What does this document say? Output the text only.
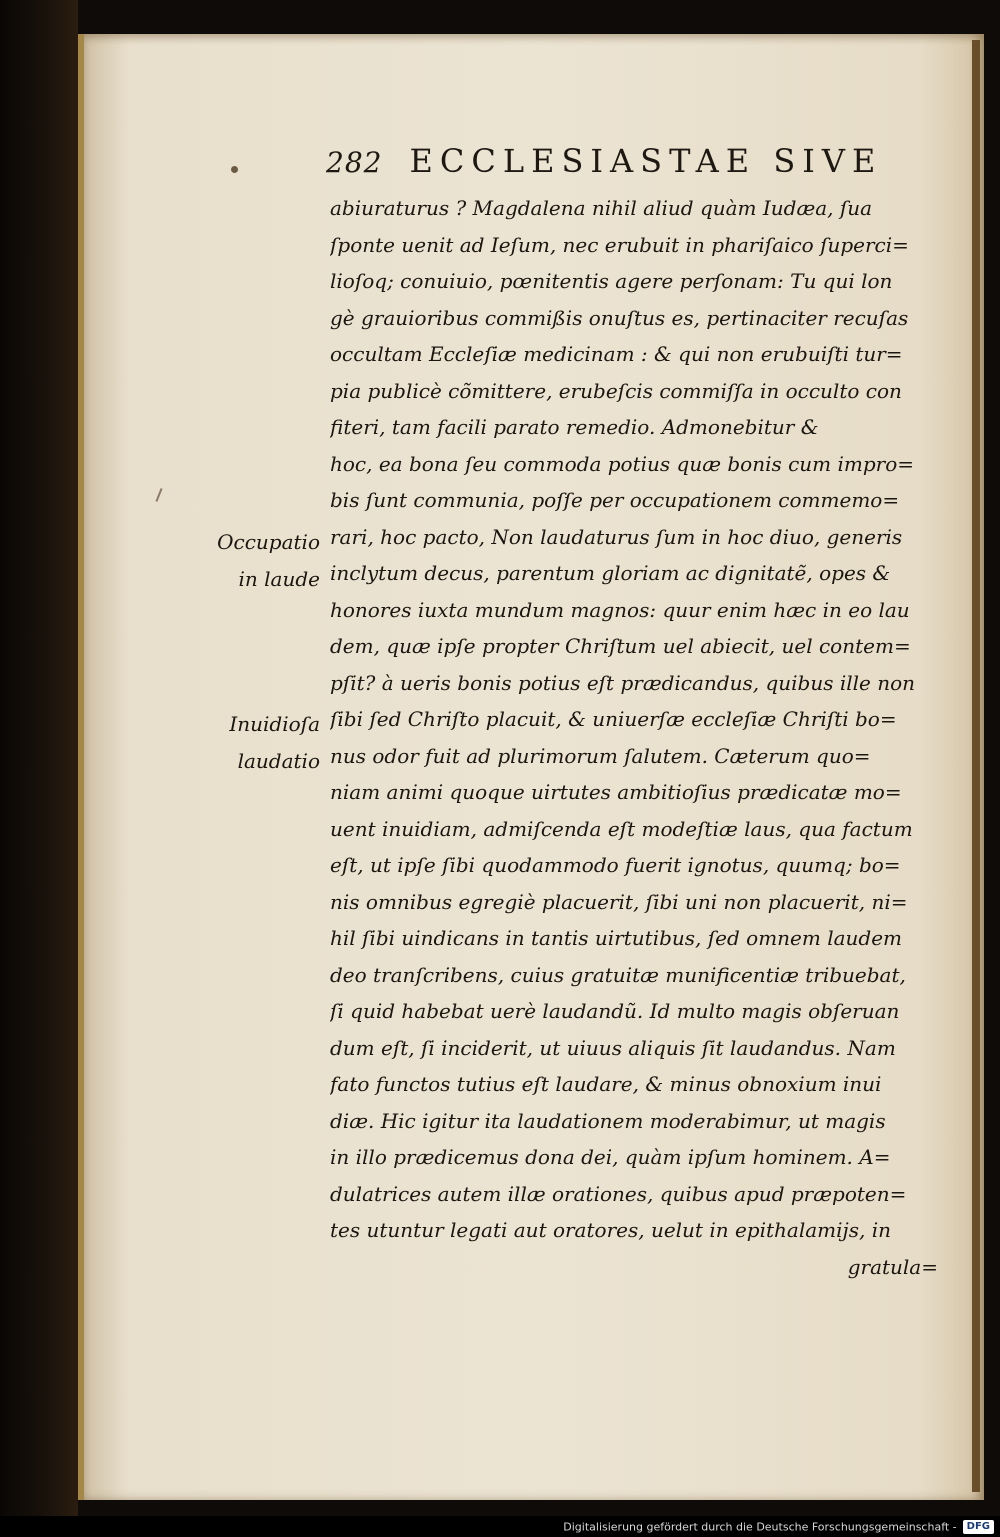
282 ECCLESIASTAE SIVE
Occupatio
in laude
Inuidioſa
laudatio
abiuraturus ? Magdalena nihil aliud quàm Iudæa, ſua
ſponte uenit ad Ieſum, nec erubuit in phariſaico ſuperci=
lioſoq; conuiuio, pœnitentis agere perſonam: Tu qui lon
gè grauioribus commißis onuſtus es, pertinaciter recuſas
occultam Eccleſiæ medicinam : & qui non erubuiſti tur=
pia publicè cõmittere, erubeſcis commiſſa in occulto con
fiteri, tam facili parato remedio. Admonebitur &
hoc, ea bona ſeu commoda potius quæ bonis cum impro=
bis ſunt communia, poſſe per occupationem commemo=
rari, hoc pacto, Non laudaturus ſum in hoc diuo, generis
inclytum decus, parentum gloriam ac dignitatẽ, opes &
honores iuxta mundum magnos: quur enim hæc in eo lau
dem, quæ ipſe propter Chriſtum uel abiecit, uel contem=
pſit? à ueris bonis potius eſt prædicandus, quibus ille non
ſibi ſed Chriſto placuit, & uniuerſæ eccleſiæ Chriſti bo=
nus odor fuit ad plurimorum ſalutem. Cæterum quo=
niam animi quoque uirtutes ambitioſius prædicatæ mo=
uent inuidiam, admiſcenda eſt modeſtiæ laus, qua factum
eſt, ut ipſe ſibi quodammodo fuerit ignotus, quumq; bo=
nis omnibus egregiè placuerit, ſibi uni non placuerit, ni=
hil ſibi uindicans in tantis uirtutibus, ſed omnem laudem
deo tranſcribens, cuius gratuitæ munificentiæ tribuebat,
ſi quid habebat uerè laudandũ. Id multo magis obſeruan
dum eſt, ſi inciderit, ut uiuus aliquis ſit laudandus. Nam
fato functos tutius eſt laudare, & minus obnoxium inui
diæ. Hic igitur ita laudationem moderabimur, ut magis
in illo prædicemus dona dei, quàm ipſum hominem. A=
dulatrices autem illæ orationes, quibus apud præpoten=
tes utuntur legati aut oratores, uelut in epithalamijs, in
gratula=
Digitalisierung gefördert durch die Deutsche Forschungsgemeinschaft - DFG
